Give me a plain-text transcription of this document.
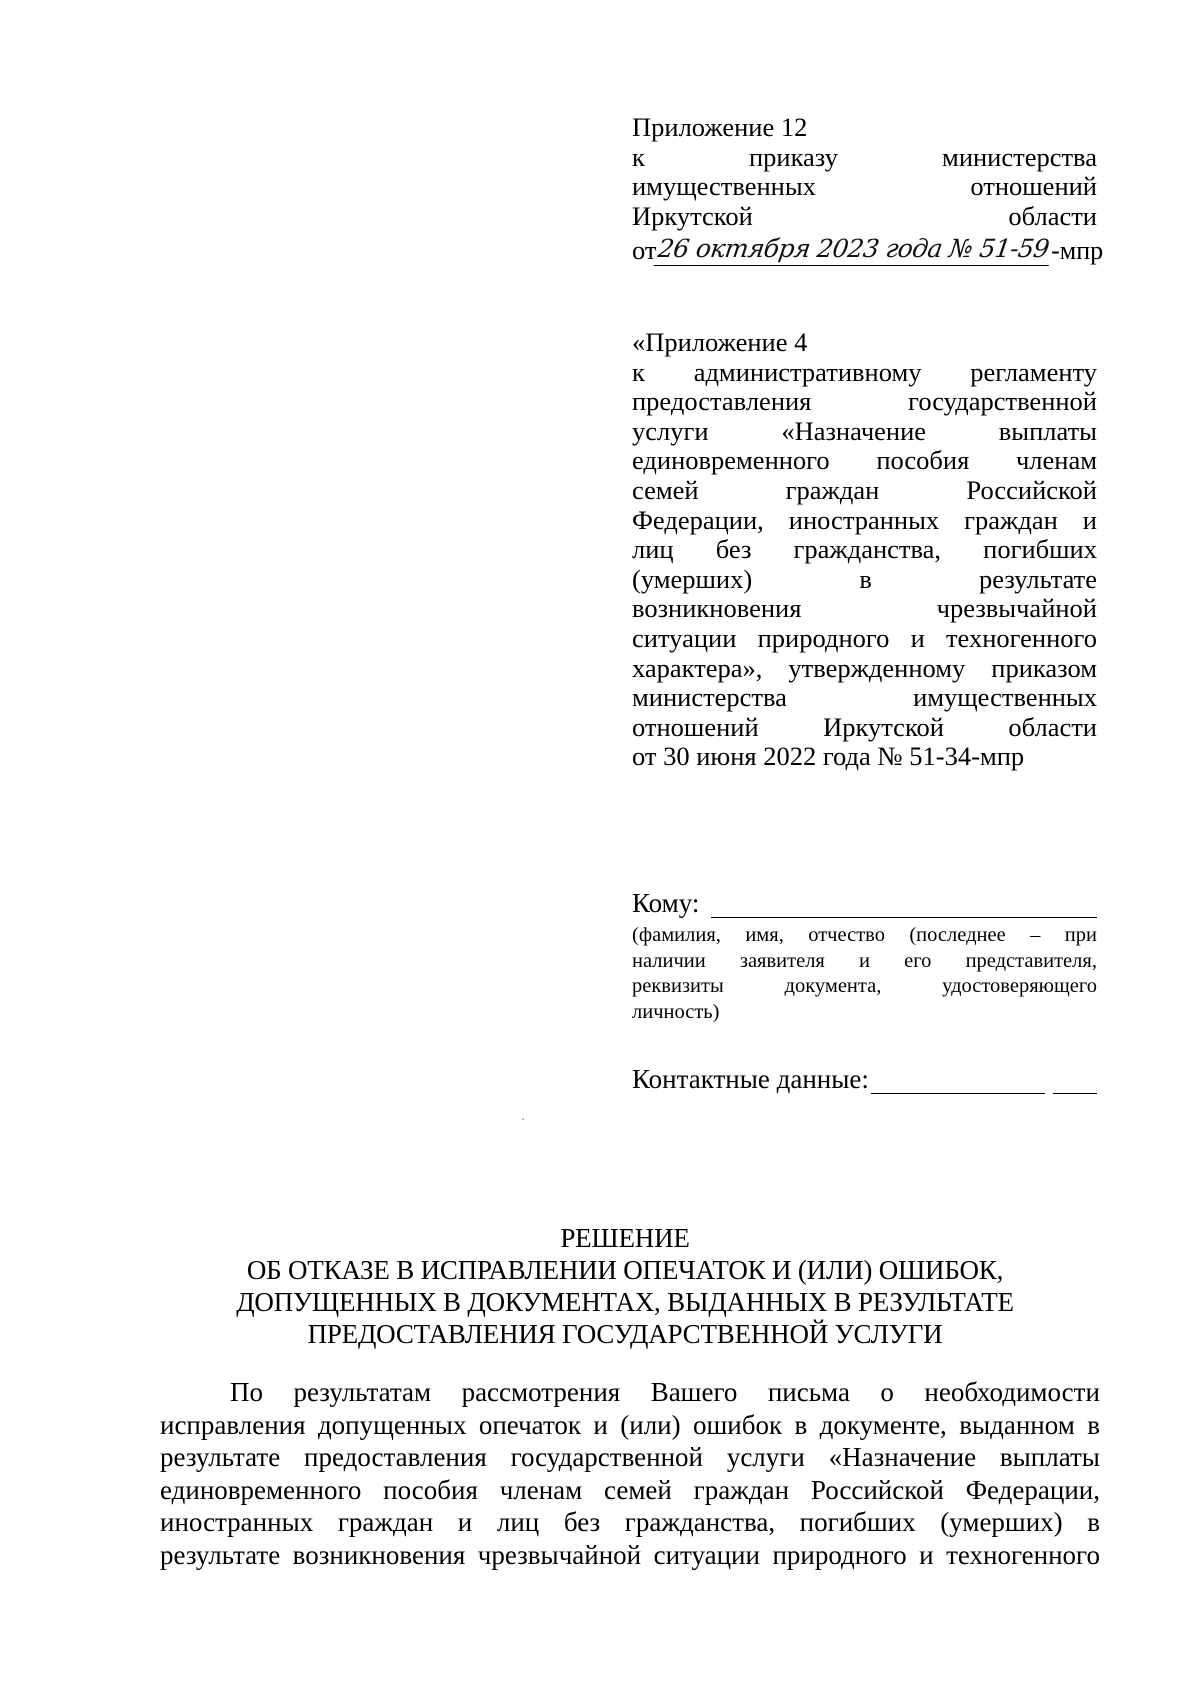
Приложение 12
к	приказу	министерства
имущественных	отношений
Иркутской	области
от 26 октября 2023 года № 51-59 -мпр
«Приложение 4
к административному регламенту
предоставления	государственной
услуги	«Назначение	выплаты
единовременного пособия членам
семей	граждан	Российской
Федерации, иностранных граждан и
лиц без гражданства, погибших
(умерших)	в	результате
возникновения	чрезвычайной
ситуации природного и техногенного
характера», утвержденному приказом
министерства	имущественных
отношений Иркутской области
от 30 июня 2022 года № 51-34-мпр
Кому:
(фамилия, имя, отчество (последнее – при
наличии заявителя и его представителя,
реквизиты	документа,	удостоверяющего
личность)
Контактные данные:
РЕШЕНИЕ
ОБ ОТКАЗЕ В ИСПРАВЛЕНИИ ОПЕЧАТОК И (ИЛИ) ОШИБОК,
ДОПУЩЕННЫХ В ДОКУМЕНТАХ, ВЫДАННЫХ В РЕЗУЛЬТАТЕ
ПРЕДОСТАВЛЕНИЯ ГОСУДАРСТВЕННОЙ УСЛУГИ
По результатам рассмотрения Вашего письма о необходимости
исправления допущенных опечаток и (или) ошибок в документе, выданном в
результате предоставления государственной услуги «Назначение выплаты
единовременного пособия членам семей граждан Российской Федерации,
иностранных граждан и лиц без гражданства, погибших (умерших) в
результате возникновения чрезвычайной ситуации природного и техногенного
